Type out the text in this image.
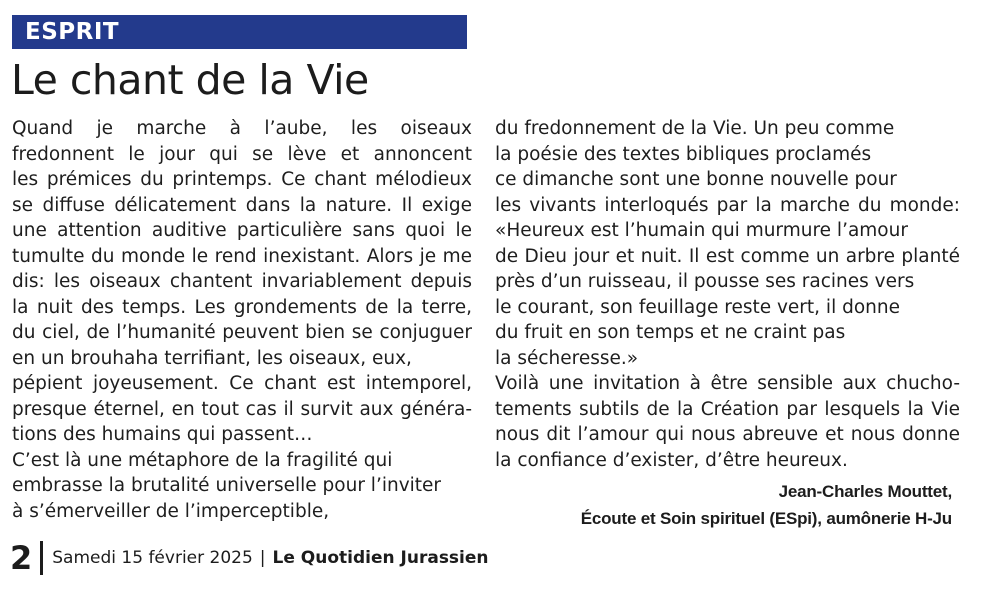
ESPRIT
Le chant de la Vie
Quand je marche à l’aube, les oiseaux
fredonnent le jour qui se lève et annoncent
les prémices du printemps. Ce chant mélodieux
se diffuse délicatement dans la nature. Il exige
une attention auditive particulière sans quoi le
tumulte du monde le rend inexistant. Alors je me
dis: les oiseaux chantent invariablement depuis
la nuit des temps. Les grondements de la terre,
du ciel, de l’humanité peuvent bien se conjuguer
en un brouhaha terrifiant, les oiseaux, eux,
pépient joyeusement. Ce chant est intemporel,
presque éternel, en tout cas il survit aux généra-
tions des humains qui passent…
C’est là une métaphore de la fragilité qui
embrasse la brutalité universelle pour l’inviter
à s’émerveiller de l’imperceptible,
du fredonnement de la Vie. Un peu comme
la poésie des textes bibliques proclamés
ce dimanche sont une bonne nouvelle pour
les vivants interloqués par la marche du monde:
«Heureux est l’humain qui murmure l’amour
de Dieu jour et nuit. Il est comme un arbre planté
près d’un ruisseau, il pousse ses racines vers
le courant, son feuillage reste vert, il donne
du fruit en son temps et ne craint pas
la sécheresse.»
Voilà une invitation à être sensible aux chucho-
tements subtils de la Création par lesquels la Vie
nous dit l’amour qui nous abreuve et nous donne
la confiance d’exister, d’être heureux.
Jean-Charles Mouttet,
Écoute et Soin spirituel (ESpi), aumônerie H-Ju
2 Samedi 15 février 2025 | Le Quotidien Jurassien
